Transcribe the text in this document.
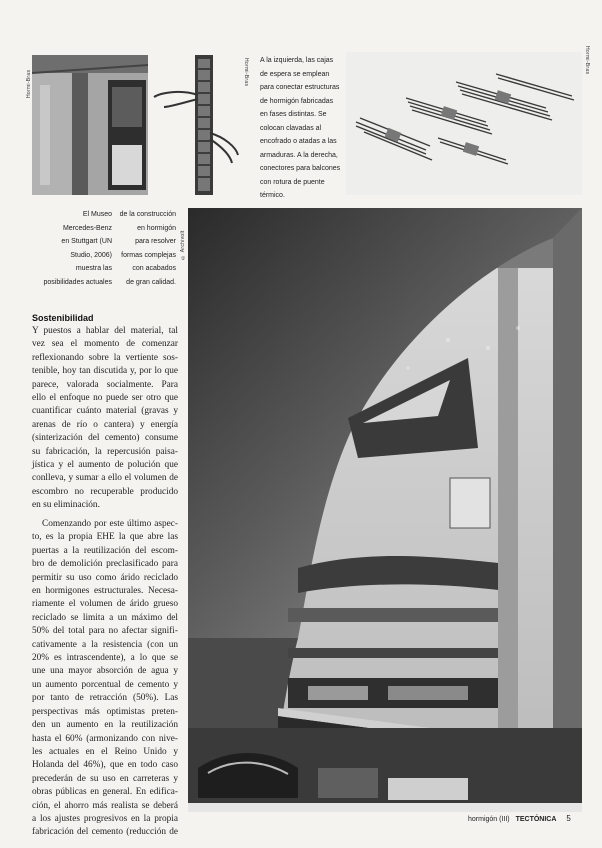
Hormi-Bras	Hormi-Bras A la izquierda, las cajas
de espera se emplean
para conectar estructuras
de hormigón fabricadas
en fases distintas. Se
colocan clavadas al
encofrado o atadas a las
armaduras. A la derecha,
conectores para balcones
con rotura de puente
térmico.
Hormi-Bras
El Museo
Mercedes-Benz
en Stuttgart (UN
Studio, 2006)
muestra las
posibilidades actuales
de la construcción
en hormigón
para resolver
formas complejas
con acabados
de gran calidad.
© Archivolt
Sostenibilidad
Y puestos a hablar del material, tal
vez sea el momento de comenzar
reflexionando sobre la vertiente sos-
tenible, hoy tan discutida y, por lo que
parece, valorada socialmente. Para
ello el enfoque no puede ser otro que
cuantificar cuánto material (gravas y
arenas de río o cantera) y energía
(sinterización del cemento) consume
su fabricación, la repercusión paisa-
jística y el aumento de polución que
conlleva, y sumar a ello el volumen de
escombro no recuperable producido
en su eliminación.
Comenzando por este último aspec-
to, es la propia EHE la que abre las
puertas a la reutilización del escom-
bro de demolición preclasificado para
permitir su uso como árido reciclado
en hormigones estructurales. Necesa-
riamente el volumen de árido grueso
reciclado se limita a un máximo del
50% del total para no afectar signifi-
cativamente a la resistencia (con un
20% es intrascendente), a lo que se
une una mayor absorción de agua y
un aumento porcentual de cemento y
por tanto de retracción (50%). Las
perspectivas más optimistas preten-
den un aumento en la reutilización
hasta el 60% (armonizando con nive-
les actuales en el Reino Unido y
Holanda del 46%), que en todo caso
precederán de su uso en carreteras y
obras públicas en general. En edifica-
ción, el ahorro más realista se deberá
a los ajustes progresivos en la propia
fabricación del cemento (reducción de
hormigón (III) TECTÓNICA 5
